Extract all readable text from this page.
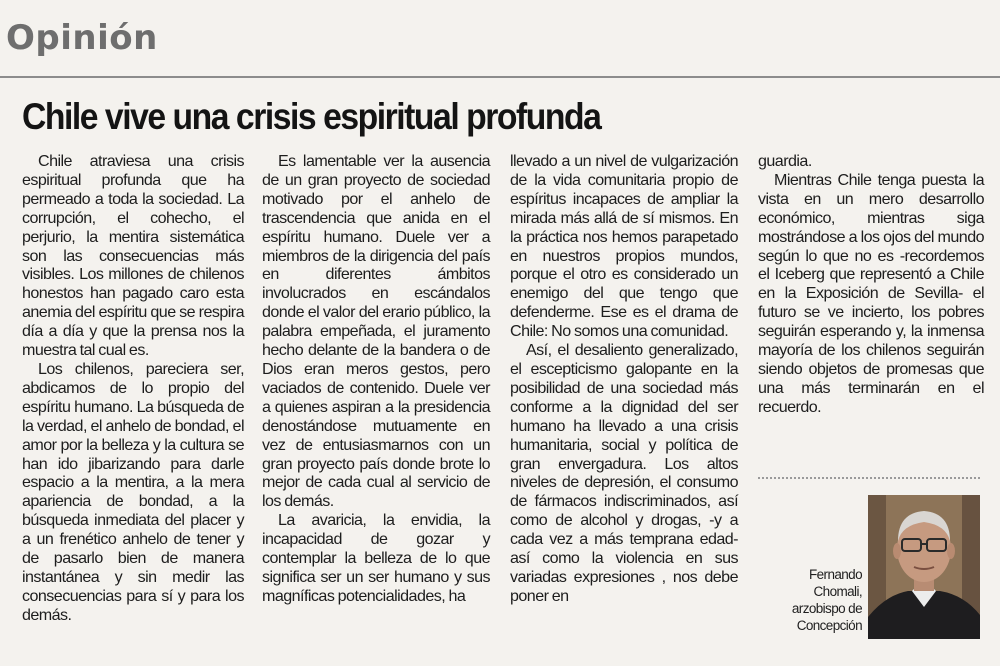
Opinión
Chile vive una crisis espiritual profunda

Chile atraviesa una crisis espiritual profunda que ha permeado a toda la sociedad. La corrupción, el cohecho, el perjurio, la mentira sistemática son las consecuencias más visibles. Los millones de chilenos honestos han pagado caro esta anemia del espíritu que se respira día a día y que la prensa nos la muestra tal cual es.

Los chilenos, pareciera ser, abdicamos de lo propio del espíritu humano. La búsqueda de la verdad, el anhelo de bondad, el amor por la belleza y la cultura se han ido jibarizando para darle espacio a la mentira, a la mera apariencia de bondad, a la búsqueda inmediata del placer y a un frenético anhelo de tener y de pasarlo bien de manera instantánea y sin medir las consecuencias para sí y para los demás.

Es lamentable ver la ausencia de un gran proyecto de sociedad motivado por el anhelo de trascendencia que anida en el espíritu humano. Duele ver a miembros de la dirigencia del país en diferentes ámbitos involucrados en escándalos donde el valor del erario público, la palabra empeñada, el juramento hecho delante de la bandera o de Dios eran meros gestos, pero vaciados de contenido. Duele ver a quienes aspiran a la presidencia denostándose mutuamente en vez de entusiasmarnos con un gran proyecto país donde brote lo mejor de cada cual al servicio de los demás.

La avaricia, la envidia, la incapacidad de gozar y contemplar la belleza de lo que significa ser un ser humano y sus magníficas potencialidades, ha

llevado a un nivel de vulgarización de la vida comunitaria propio de espíritus incapaces de ampliar la mirada más allá de sí mismos. En la práctica nos hemos parapetado en nuestros propios mundos, porque el otro es considerado un enemigo del que tengo que defenderme. Ese es el drama de Chile: No somos una comunidad.

Así, el desaliento generalizado, el escepticismo galopante en la posibilidad de una sociedad más conforme a la dignidad del ser humano ha llevado a una crisis humanitaria, social y política de gran envergadura. Los altos niveles de depresión, el consumo de fármacos indiscriminados, así como de alcohol y drogas, -y a cada vez a más temprana edad- así como la violencia en sus variadas expresiones , nos debe poner en

guardia.

Mientras Chile tenga puesta la vista en un mero desarrollo económico, mientras siga mostrándose a los ojos del mundo según lo que no es -recordemos el Iceberg que representó a Chile en la Exposición de Sevilla- el futuro se ve incierto, los pobres seguirán esperando y, la inmensa mayoría de los chilenos seguirán siendo objetos de promesas que una más terminarán en el recuerdo.

Fernando
Chomali,
arzobispo de
Concepción
